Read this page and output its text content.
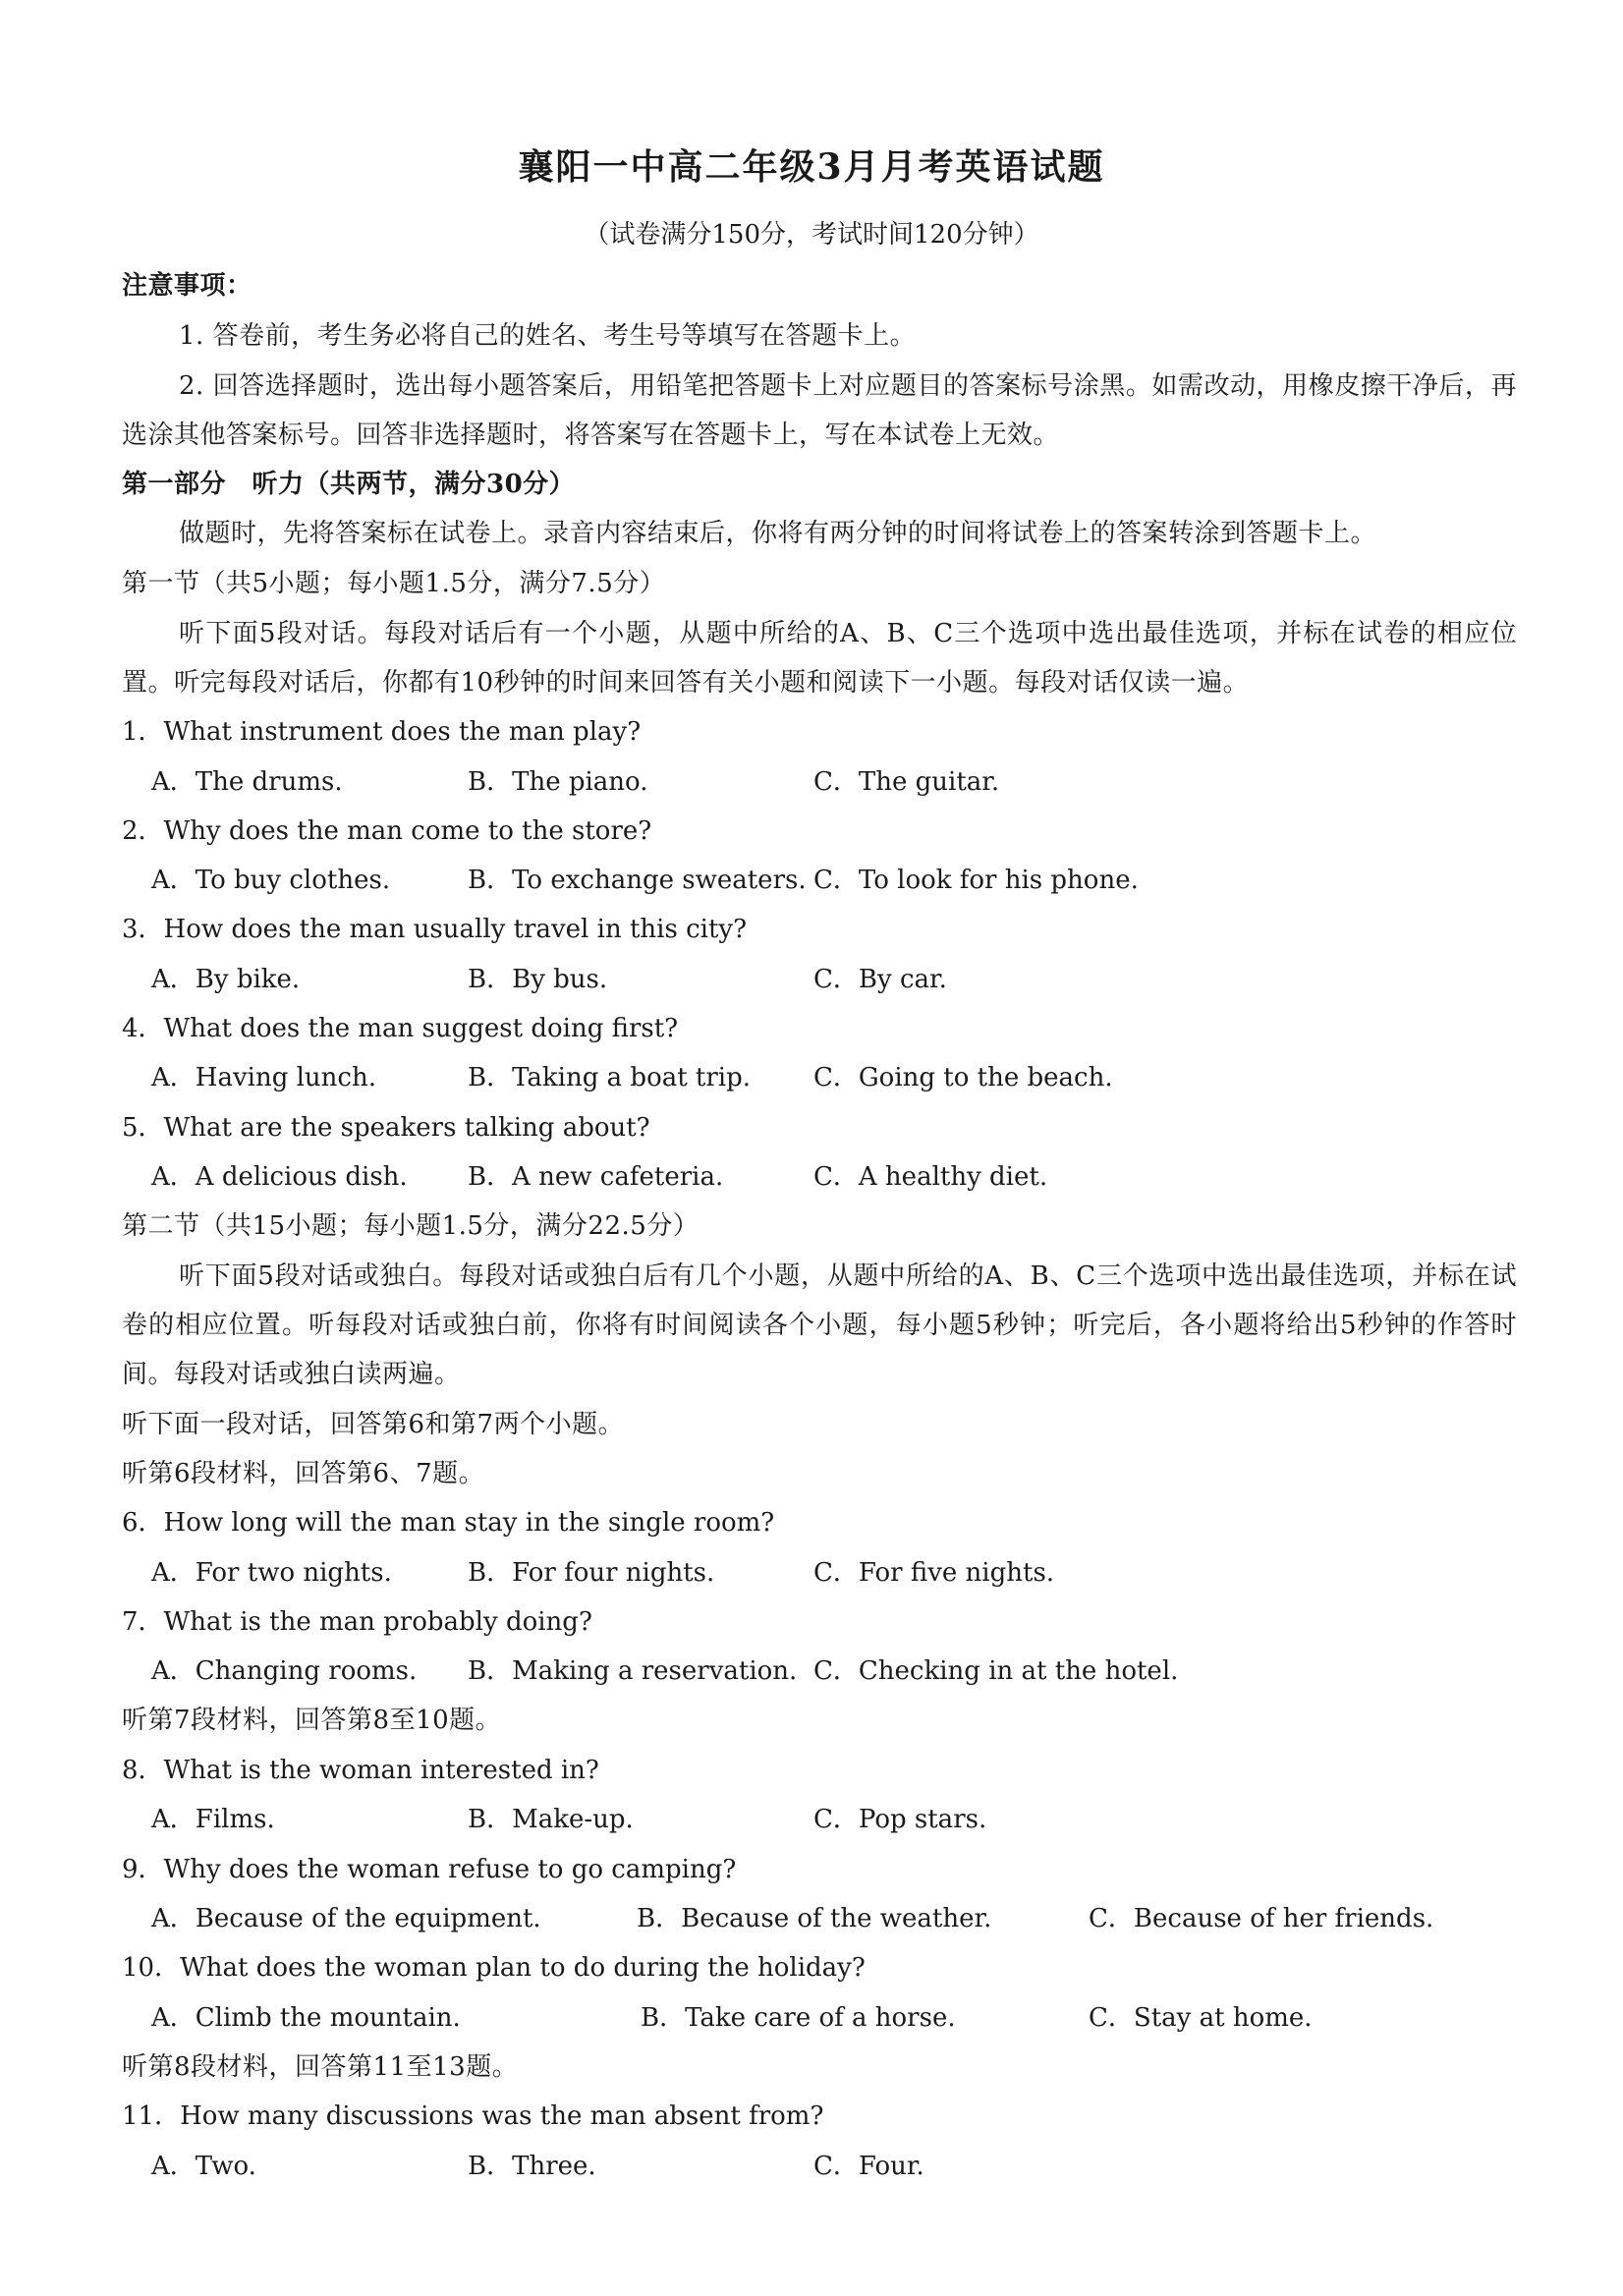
襄阳一中高二年级3月月考英语试题
（试卷满分150分，考试时间120分钟）
注意事项：
1. 答卷前，考生务必将自己的姓名、考生号等填写在答题卡上。
2. 回答选择题时，选出每小题答案后，用铅笔把答题卡上对应题目的答案标号涂黑。如需改动，用橡皮擦干净后，再选涂其他答案标号。回答非选择题时，将答案写在答题卡上，写在本试卷上无效。
第一部分　听力（共两节，满分30分）
做题时，先将答案标在试卷上。录音内容结束后，你将有两分钟的时间将试卷上的答案转涂到答题卡上。
第一节（共5小题；每小题1.5分，满分7.5分）
听下面5段对话。每段对话后有一个小题，从题中所给的A、B、C三个选项中选出最佳选项，并标在试卷的相应位置。听完每段对话后，你都有10秒钟的时间来回答有关小题和阅读下一小题。每段对话仅读一遍。
1．What instrument does the man play?
A．The drums.	B．The piano.	C．The guitar.
2．Why does the man come to the store?
A．To buy clothes.	B．To exchange sweaters. C．To look for his phone.
3．How does the man usually travel in this city?
A．By bike.	B．By bus.	C．By car.
4．What does the man suggest doing first?
A．Having lunch.	B．Taking a boat trip. C．Going to the beach.
5．What are the speakers talking about?
A．A delicious dish. B．A new cafeteria.	C．A healthy diet.
第二节（共15小题；每小题1.5分，满分22.5分）
听下面5段对话或独白。每段对话或独白后有几个小题，从题中所给的A、B、C三个选项中选出最佳选项，并标在试卷的相应位置。听每段对话或独白前，你将有时间阅读各个小题，每小题5秒钟；听完后，各小题将给出5秒钟的作答时间。每段对话或独白读两遍。
听下面一段对话，回答第6和第7两个小题。
听第6段材料，回答第6、7题。
6．How long will the man stay in the single room?
A．For two nights.	B．For four nights.	C．For five nights.
7．What is the man probably doing?
A．Changing rooms. B．Making a reservation. C．Checking in at the hotel.
听第7段材料，回答第8至10题。
8．What is the woman interested in?
A．Films.	B．Make-up.	C．Pop stars.
9．Why does the woman refuse to go camping?
A．Because of the equipment.	B．Because of the weather.	C．Because of her friends.
10．What does the woman plan to do during the holiday?
A．Climb the mountain.	B．Take care of a horse.	C．Stay at home.
听第8段材料，回答第11至13题。
11．How many discussions was the man absent from?
A．Two.	B．Three.	C．Four.
